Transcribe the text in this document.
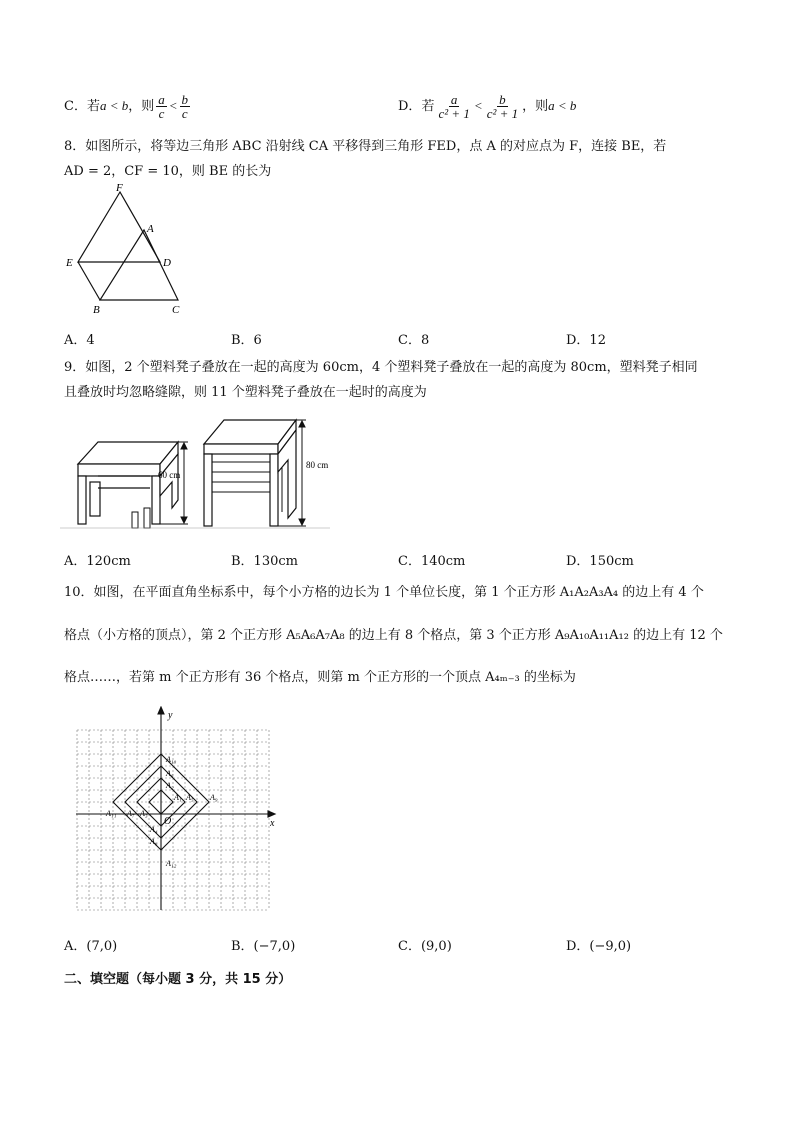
C．若a < b，则 $\frac{a}{c} < \frac{b}{c}$	D．若 $\frac{a}{\text{c² + 1}} < \frac{b}{\text{c² + 1}}$ ，则a < b
8．如图所示，将等边三角形 ABC 沿射线 CA 平移得到三角形 FED，点 A 的对应点为 F，连接 BE，若
AD = 2，CF = 10，则 BE 的长为
F
A
E	D
B	C
A．4	B．6	C．8	D．12
9．如图，2 个塑料凳子叠放在一起的高度为 60cm，4 个塑料凳子叠放在一起的高度为 80cm，塑料凳子相同
且叠放时均忽略缝隙，则 11 个塑料凳子叠放在一起时的高度为
60 cm
80 cm
A．120cm	B．130cm	C．140cm	D．150cm
10．如图，在平面直角坐标系中，每个小方格的边长为 1 个单位长度，第 1 个正方形 A₁A₂A₃A₄ 的边上有 4 个
格点（小方格的顶点），第 2 个正方形 A₅A₆A₇A₈ 的边上有 8 个格点，第 3 个正方形 A₉A₁₀A₁₁A₁₂ 的边上有 12 个
格点……，若第 m 个正方形有 36 个格点，则第 m 个正方形的一个顶点 A₄ₘ₋₃ 的坐标为
y
x
O
A₁₀
A₆
A₂
A₁ A₅ A₉
A₁₁ A₇ A₃
A₄
A₈
A₁₂
A．(7,0)	B．(−7,0)	C．(9,0)	D．(−9,0)
二、填空题（每小题 3 分，共 15 分）
